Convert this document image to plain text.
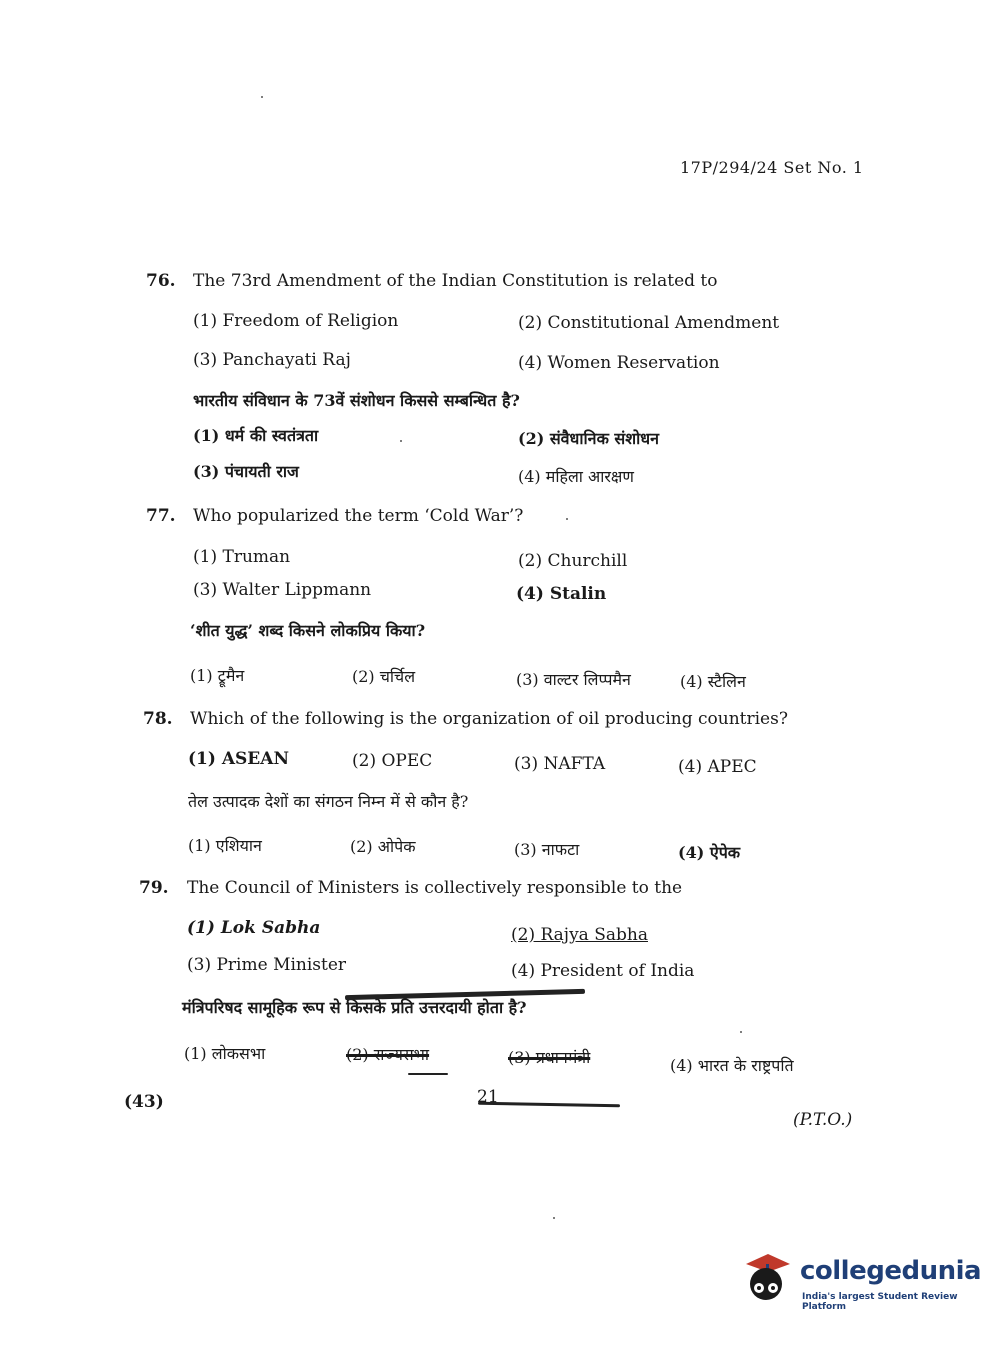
17P/294/24 Set No. 1
76. The 73rd Amendment of the Indian Constitution is related to
(1) Freedom of Religion	(2) Constitutional Amendment
(3) Panchayati Raj	(4) Women Reservation
भारतीय संविधान के 73वें संशोधन किससे सम्बन्धित है?
(1) धर्म की स्वतंत्रता	(2) संवैधानिक संशोधन
(3) पंचायती राज	(4) महिला आरक्षण
77. Who popularized the term ‘Cold War’?
(1) Truman	(2) Churchill
(3) Walter Lippmann	(4) Stalin
‘शीत युद्ध’ शब्द किसने लोकप्रिय किया?
(1) ट्रूमैन	(2) चर्चिल	(3) वाल्टर लिप्पमैन	(4) स्टैलिन
78. Which of the following is the organization of oil producing countries?
(1) ASEAN	(2) OPEC	(3) NAFTA	(4) APEC
तेल उत्पादक देशों का संगठन निम्न में से कौन है?
(1) एशियान	(2) ओपेक	(3) नाफटा	(4) ऐपेक
79. The Council of Ministers is collectively responsible to the
(1) Lok Sabha	(2) Rajya Sabha
(3) Prime Minister	(4) President of India
मंत्रिपरिषद सामूहिक रूप से किसके प्रति उत्तरदायी होता है?
(1) लोकसभा	(2) राज्यसभा	(3) प्रधानमंत्री	(4) भारत के राष्ट्रपति
(43)	21
(P.T.O.)
collegedunia
India's largest Student Review Platform
